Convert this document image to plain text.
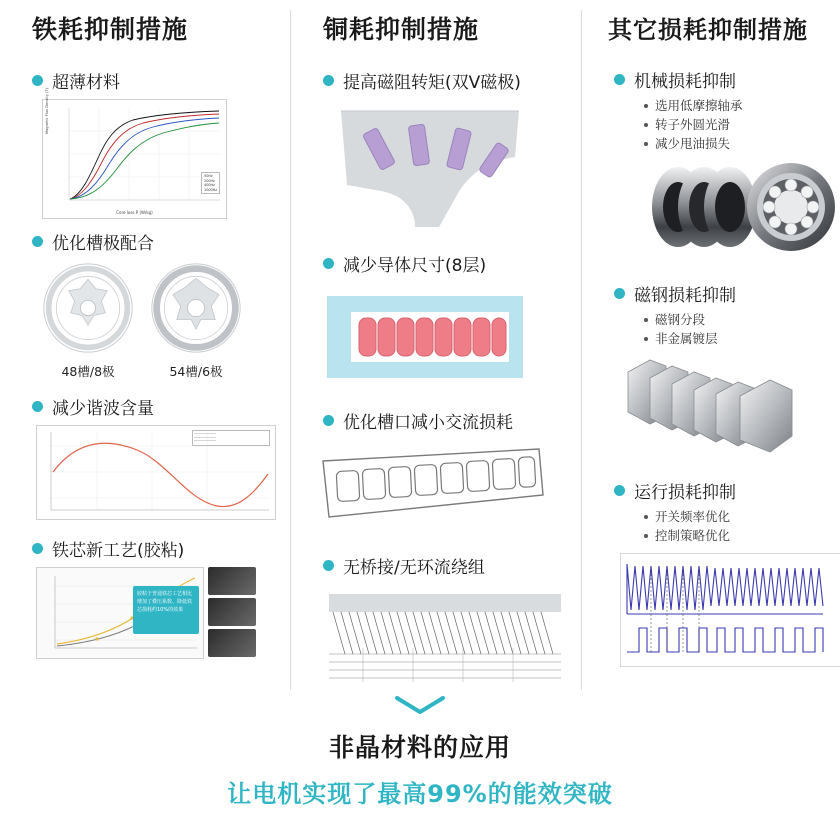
铁耗抑制措施
超薄材料
Magnetic Flux Density (T)
Core loss P (W/kg)
50Hz
200Hz
400Hz
1000Hz
优化槽极配合
48槽/8极	54槽/6极
减少谐波含量
———————
———————
———————
铁芯新工艺(胶粘)
胶粘于普通铁芯工艺相比增加了叠压系数、降低铁芯损耗约10%的效果
铜耗抑制措施
提高磁阻转矩(双V磁极)
减少导体尺寸(8层)
优化槽口减小交流损耗
无桥接/无环流绕组
其它损耗抑制措施
机械损耗抑制
选用低摩擦轴承
转子外圆光滑
减少甩油损失
磁钢损耗抑制
磁钢分段
非金属镀层
运行损耗抑制
开关频率优化
控制策略优化
非晶材料的应用
让电机实现了最高99%的能效突破
